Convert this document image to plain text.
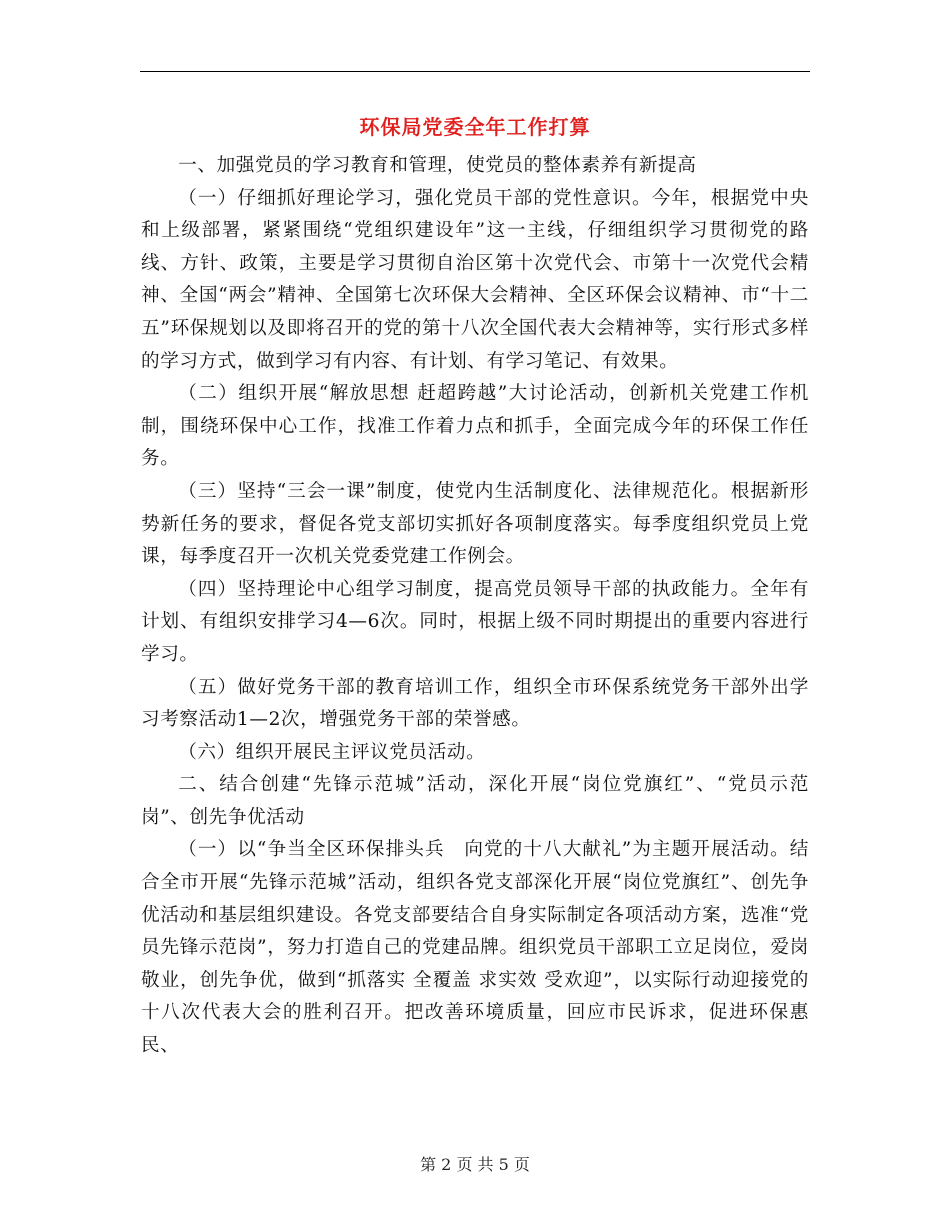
环保局党委全年工作打算

一、加强党员的学习教育和管理，使党员的整体素养有新提高

（一）仔细抓好理论学习，强化党员干部的党性意识。今年，根据党中央和上级部署，紧紧围绕“党组织建设年”这一主线，仔细组织学习贯彻党的路线、方针、政策，主要是学习贯彻自治区第十次党代会、市第十一次党代会精神、全国“两会”精神、全国第七次环保大会精神、全区环保会议精神、市“十二五”环保规划以及即将召开的党的第十八次全国代表大会精神等，实行形式多样的学习方式，做到学习有内容、有计划、有学习笔记、有效果。

（二）组织开展“解放思想 赶超跨越”大讨论活动，创新机关党建工作机制，围绕环保中心工作，找准工作着力点和抓手，全面完成今年的环保工作任务。

（三）坚持“三会一课”制度，使党内生活制度化、法律规范化。根据新形势新任务的要求，督促各党支部切实抓好各项制度落实。每季度组织党员上党课，每季度召开一次机关党委党建工作例会。

（四）坚持理论中心组学习制度，提高党员领导干部的执政能力。全年有计划、有组织安排学习4—6次。同时，根据上级不同时期提出的重要内容进行学习。

（五）做好党务干部的教育培训工作，组织全市环保系统党务干部外出学习考察活动1—2次，增强党务干部的荣誉感。

（六）组织开展民主评议党员活动。

二、结合创建“先锋示范城”活动，深化开展“岗位党旗红”、“党员示范岗”、创先争优活动

（一）以“争当全区环保排头兵　向党的十八大献礼”为主题开展活动。结合全市开展“先锋示范城”活动，组织各党支部深化开展“岗位党旗红”、创先争优活动和基层组织建设。各党支部要结合自身实际制定各项活动方案，选准“党员先锋示范岗”，努力打造自己的党建品牌。组织党员干部职工立足岗位，爱岗敬业，创先争优，做到“抓落实 全覆盖 求实效 受欢迎”，以实际行动迎接党的十八次代表大会的胜利召开。把改善环境质量，回应市民诉求，促进环保惠民、

第 2 页 共 5 页
